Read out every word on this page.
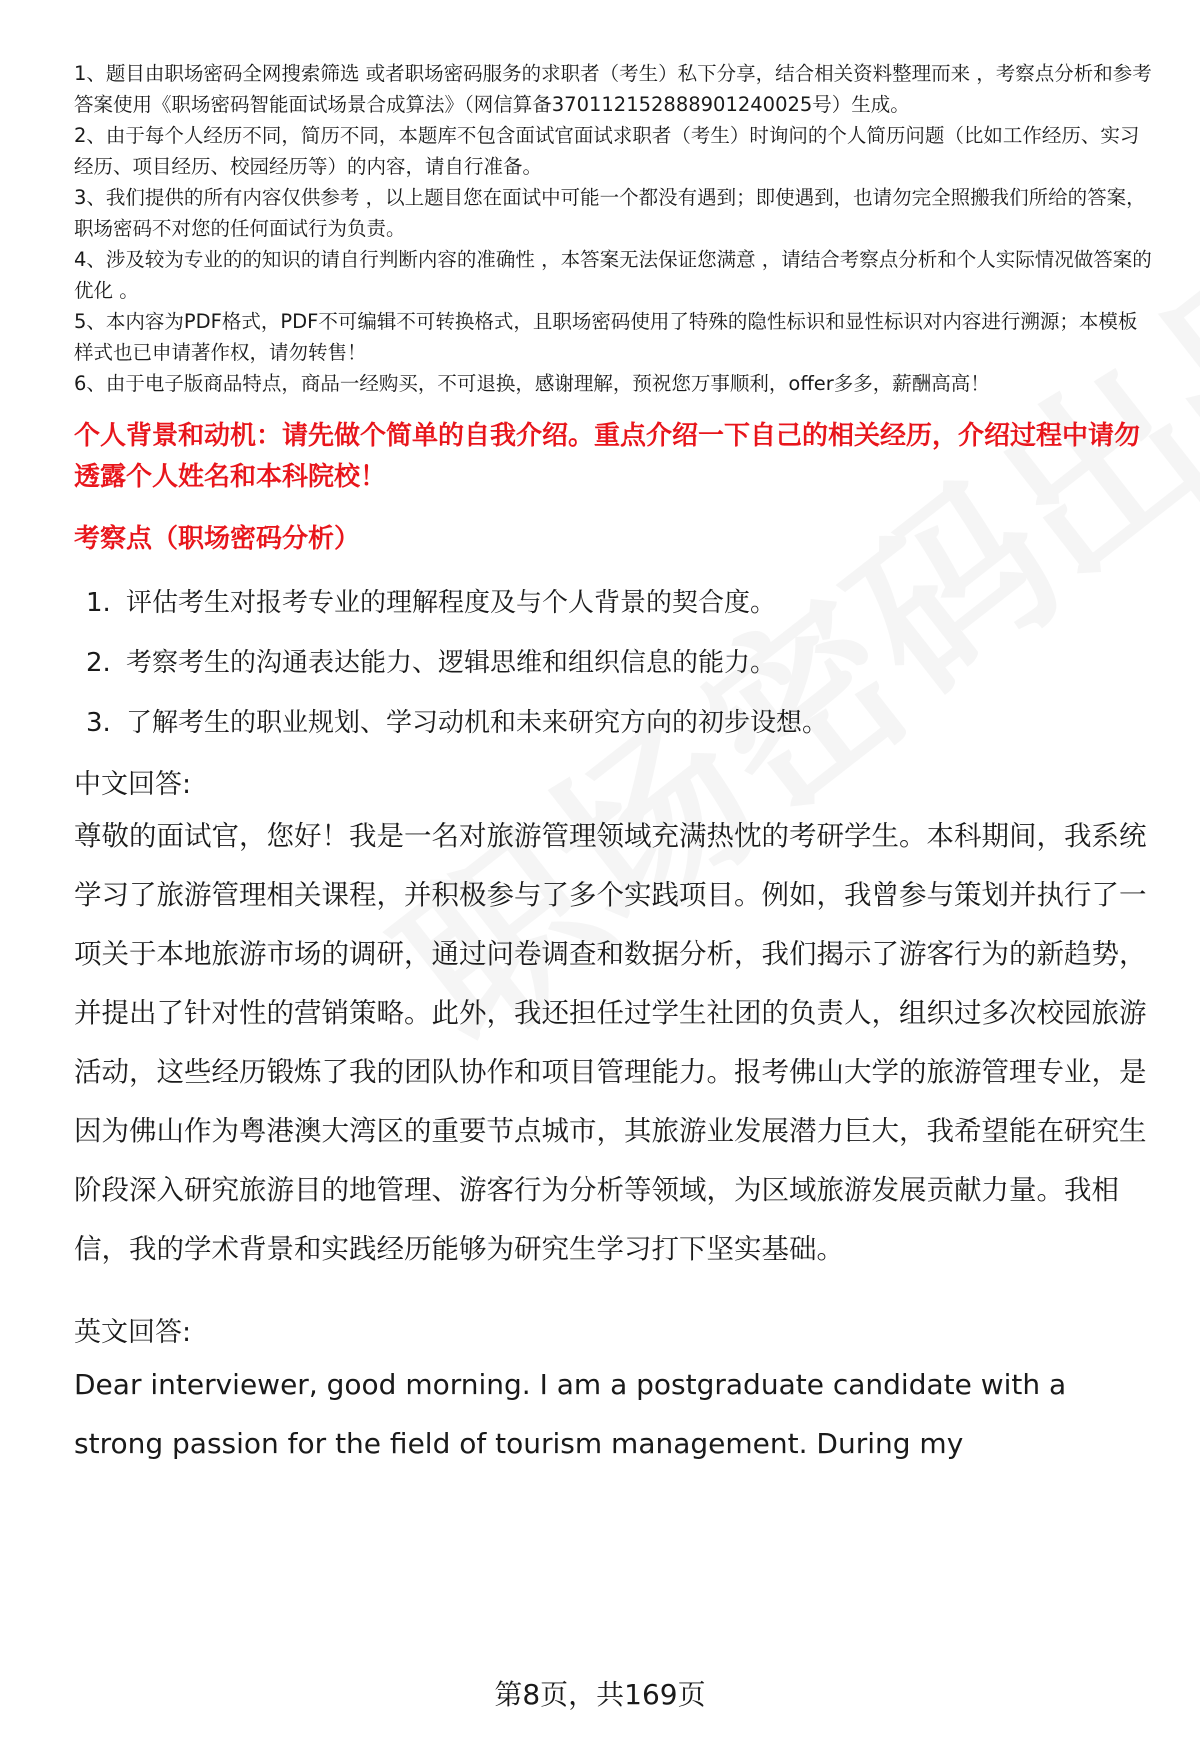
1、题目由职场密码全网搜索筛选 或者职场密码服务的求职者（考生）私下分享，结合相关资料整理而来 ，考察点分析和参考答案使用《职场密码智能面试场景合成算法》（网信算备370112152888901240025号）生成。
2、由于每个人经历不同，简历不同，本题库不包含面试官面试求职者（考生）时询问的个人简历问题（比如工作经历、实习经历、项目经历、校园经历等）的内容，请自行准备。
3、我们提供的所有内容仅供参考 ，以上题目您在面试中可能一个都没有遇到；即使遇到，也请勿完全照搬我们所给的答案，职场密码不对您的任何面试行为负责。
4、涉及较为专业的的知识的请自行判断内容的准确性 ，本答案无法保证您满意 ，请结合考察点分析和个人实际情况做答案的优化 。
5、本内容为PDF格式，PDF不可编辑不可转换格式，且职场密码使用了特殊的隐性标识和显性标识对内容进行溯源；本模板样式也已申请著作权，请勿转售！
6、由于电子版商品特点，商品一经购买，不可退换，感谢理解，预祝您万事顺利，offer多多，薪酬高高！
个人背景和动机：请先做个简单的自我介绍。重点介绍一下自己的相关经历，介绍过程中请勿透露个人姓名和本科院校！
考察点（职场密码分析）
1. 评估考生对报考专业的理解程度及与个人背景的契合度。
2. 考察考生的沟通表达能力、逻辑思维和组织信息的能力。
3. 了解考生的职业规划、学习动机和未来研究方向的初步设想。
中文回答:

尊敬的面试官，您好！我是一名对旅游管理领域充满热忱的考研学生。本科期间，我系统学习了旅游管理相关课程，并积极参与了多个实践项目。例如，我曾参与策划并执行了一项关于本地旅游市场的调研，通过问卷调查和数据分析，我们揭示了游客行为的新趋势，并提出了针对性的营销策略。此外，我还担任过学生社团的负责人，组织过多次校园旅游活动，这些经历锻炼了我的团队协作和项目管理能力。报考佛山大学的旅游管理专业，是因为佛山作为粤港澳大湾区的重要节点城市，其旅游业发展潜力巨大，我希望能在研究生阶段深入研究旅游目的地管理、游客行为分析等领域，为区域旅游发展贡献力量。我相信，我的学术背景和实践经历能够为研究生学习打下坚实基础。

英文回答:

Dear interviewer, good morning. I am a postgraduate candidate with a strong passion for the field of tourism management. During my

第8页，共169页
